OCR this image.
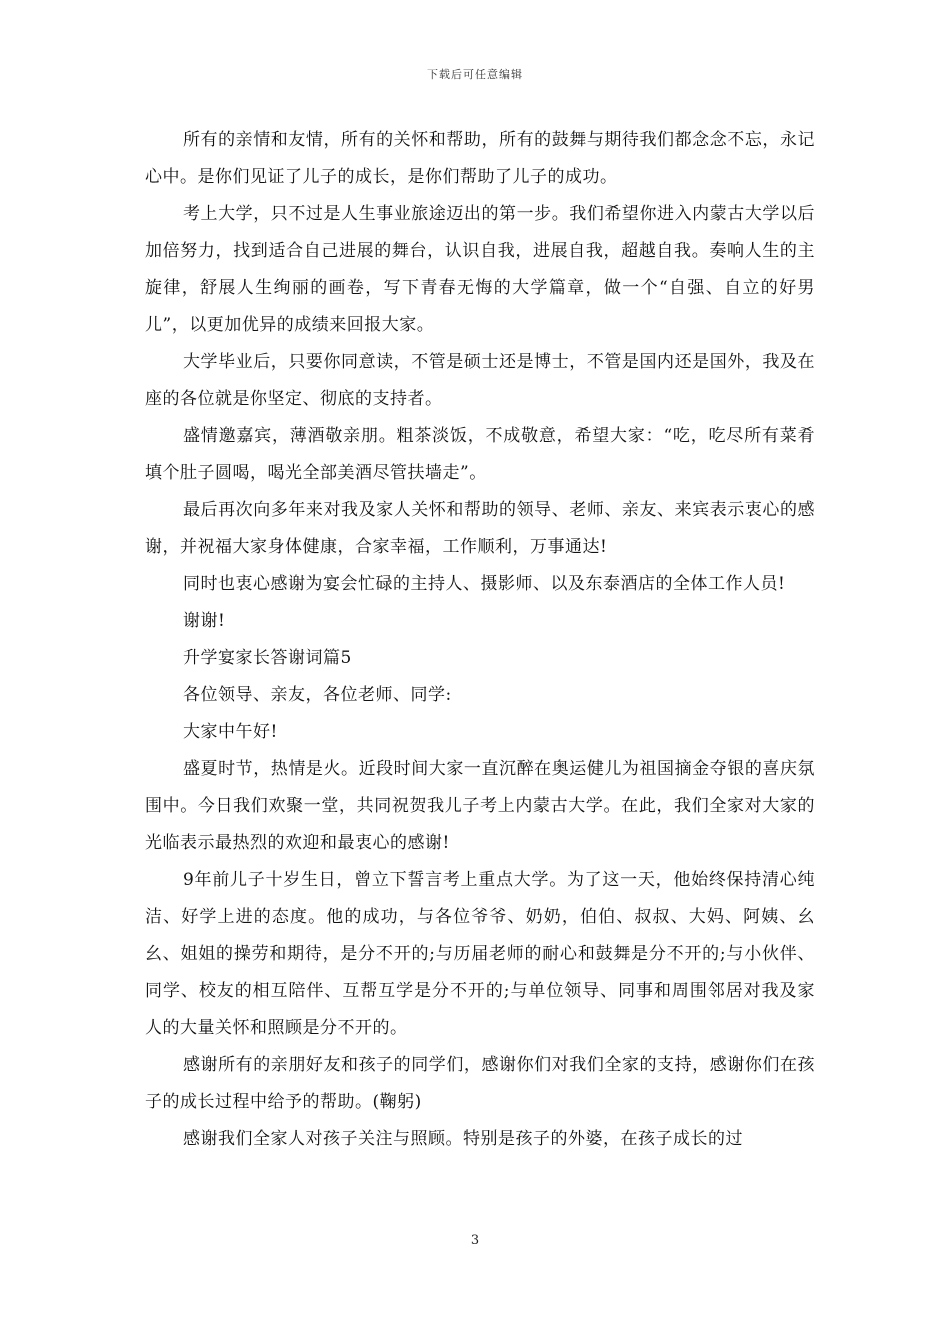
下载后可任意编辑

所有的亲情和友情，所有的关怀和帮助，所有的鼓舞与期待我们都念念不忘，永记心中。是你们见证了儿子的成长，是你们帮助了儿子的成功。

考上大学，只不过是人生事业旅途迈出的第一步。我们希望你进入内蒙古大学以后加倍努力，找到适合自己进展的舞台，认识自我，进展自我，超越自我。奏响人生的主旋律，舒展人生绚丽的画卷，写下青春无悔的大学篇章，做一个“自强、自立的好男儿”，以更加优异的成绩来回报大家。

大学毕业后，只要你同意读，不管是硕士还是博士，不管是国内还是国外，我及在座的各位就是你坚定、彻底的支持者。

盛情邀嘉宾，薄酒敬亲朋。粗茶淡饭，不成敬意，希望大家：“吃，吃尽所有菜肴填个肚子圆喝，喝光全部美酒尽管扶墙走”。

最后再次向多年来对我及家人关怀和帮助的领导、老师、亲友、来宾表示衷心的感谢，并祝福大家身体健康，合家幸福，工作顺利，万事通达!

同时也衷心感谢为宴会忙碌的主持人、摄影师、以及东泰酒店的全体工作人员!

谢谢!

升学宴家长答谢词篇5

各位领导、亲友，各位老师、同学:

大家中午好!

盛夏时节，热情是火。近段时间大家一直沉醉在奥运健儿为祖国摘金夺银的喜庆氛围中。今日我们欢聚一堂，共同祝贺我儿子考上内蒙古大学。在此，我们全家对大家的光临表示最热烈的欢迎和最衷心的感谢!

9年前儿子十岁生日，曾立下誓言考上重点大学。为了这一天，他始终保持清心纯洁、好学上进的态度。他的成功，与各位爷爷、奶奶，伯伯、叔叔、大妈、阿姨、幺幺、姐姐的操劳和期待，是分不开的;与历届老师的耐心和鼓舞是分不开的;与小伙伴、同学、校友的相互陪伴、互帮互学是分不开的;与单位领导、同事和周围邻居对我及家人的大量关怀和照顾是分不开的。

感谢所有的亲朋好友和孩子的同学们，感谢你们对我们全家的支持，感谢你们在孩子的成长过程中给予的帮助。(鞠躬)

感谢我们全家人对孩子关注与照顾。特别是孩子的外婆，在孩子成长的过

3
